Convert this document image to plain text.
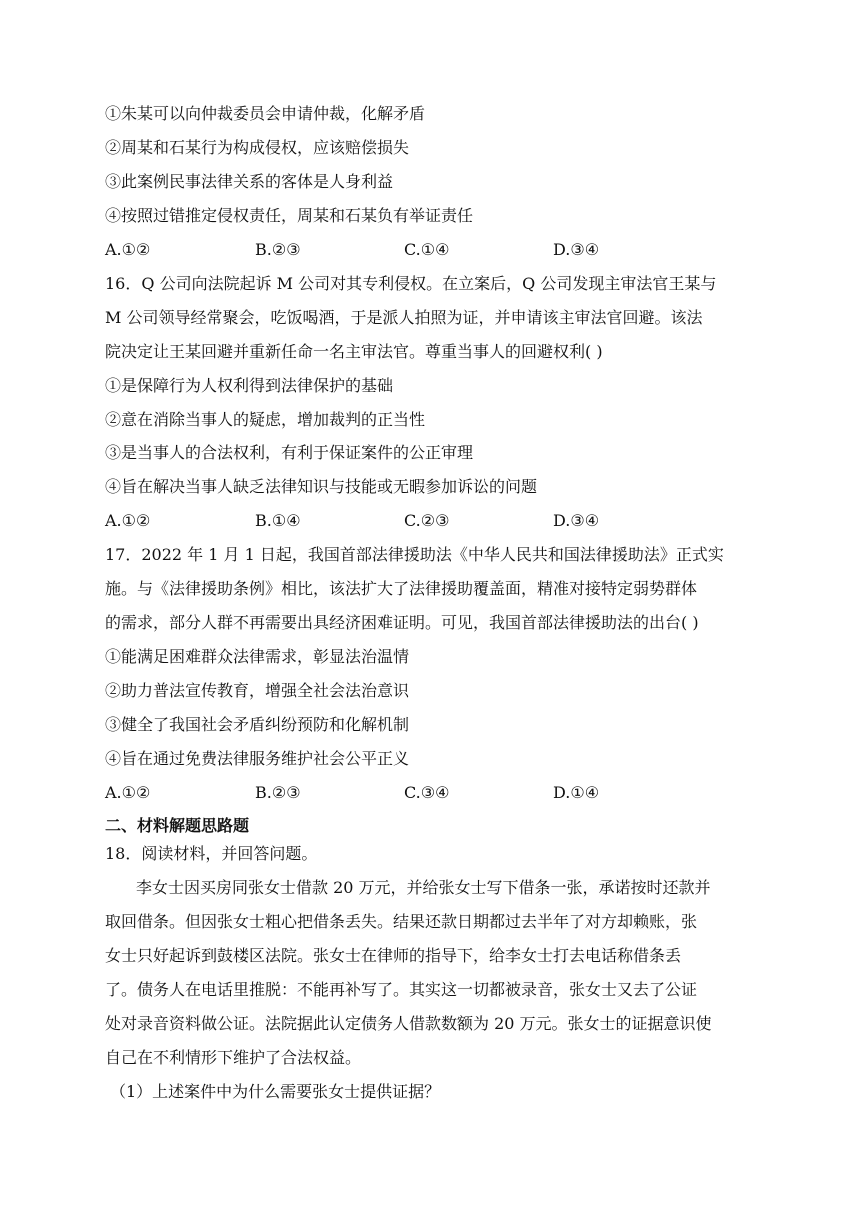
①朱某可以向仲裁委员会申请仲裁，化解矛盾
②周某和石某行为构成侵权，应该赔偿损失
③此案例民事法律关系的客体是人身利益
④按照过错推定侵权责任，周某和石某负有举证责任
A.①②	B.②③	C.①④	D.③④
16．Q 公司向法院起诉 M 公司对其专利侵权。在立案后，Q 公司发现主审法官王某与
M 公司领导经常聚会，吃饭喝酒，于是派人拍照为证，并申请该主审法官回避。该法
院决定让王某回避并重新任命一名主审法官。尊重当事人的回避权利( )
①是保障行为人权利得到法律保护的基础
②意在消除当事人的疑虑，增加裁判的正当性
③是当事人的合法权利，有利于保证案件的公正审理
④旨在解决当事人缺乏法律知识与技能或无暇参加诉讼的问题
A.①②	B.①④	C.②③	D.③④
17．2022 年 1 月 1 日起，我国首部法律援助法《中华人民共和国法律援助法》正式实
施。与《法律援助条例》相比，该法扩大了法律援助覆盖面，精准对接特定弱势群体
的需求，部分人群不再需要出具经济困难证明。可见，我国首部法律援助法的出台( )
①能满足困难群众法律需求，彰显法治温情
②助力普法宣传教育，增强全社会法治意识
③健全了我国社会矛盾纠纷预防和化解机制
④旨在通过免费法律服务维护社会公平正义
A.①②	B.②③	C.③④	D.①④
二、材料解题思路题
18．阅读材料，并回答问题。
李女士因买房同张女士借款 20 万元，并给张女士写下借条一张，承诺按时还款并
取回借条。但因张女士粗心把借条丢失。结果还款日期都过去半年了对方却赖账，张
女士只好起诉到鼓楼区法院。张女士在律师的指导下，给李女士打去电话称借条丢
了。债务人在电话里推脱：不能再补写了。其实这一切都被录音，张女士又去了公证
处对录音资料做公证。法院据此认定债务人借款数额为 20 万元。张女士的证据意识使
自己在不利情形下维护了合法权益。
（1）上述案件中为什么需要张女士提供证据？
